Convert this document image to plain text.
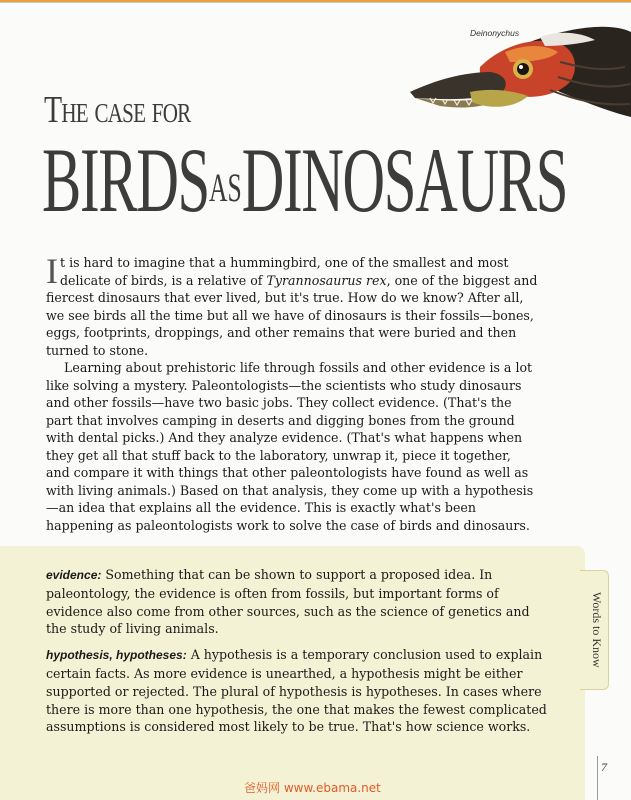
Deinonychus
The case for
BIRDSASDINOSAURS

It is hard to imagine that a hummingbird, one of the smallest and most delicate of birds, is a relative of Tyrannosaurus rex, one of the biggest and fiercest dinosaurs that ever lived, but it's true. How do we know? After all, we see birds all the time but all we have of dinosaurs is their fossils—bones, eggs, footprints, droppings, and other remains that were buried and then turned to stone.

Learning about prehistoric life through fossils and other evidence is a lot like solving a mystery. Paleontologists—the scientists who study dinosaurs and other fossils—have two basic jobs. They collect evidence. (That's the part that involves camping in deserts and digging bones from the ground with dental picks.) And they analyze evidence. (That's what happens when they get all that stuff back to the laboratory, unwrap it, piece it together, and compare it with things that other paleontologists have found as well as with living animals.) Based on that analysis, they come up with a hypothesis—an idea that explains all the evidence. This is exactly what's been happening as paleontologists work to solve the case of birds and dinosaurs.

Words to Know

evidence: Something that can be shown to support a proposed idea. In paleontology, the evidence is often from fossils, but important forms of evidence also come from other sources, such as the science of genetics and the study of living animals.

hypothesis, hypotheses: A hypothesis is a temporary conclusion used to explain certain facts. As more evidence is unearthed, a hypothesis might be either supported or rejected. The plural of hypothesis is hypotheses. In cases where there is more than one hypothesis, the one that makes the fewest complicated assumptions is considered most likely to be true. That's how science works.

7
爸妈网 www.ebama.net
